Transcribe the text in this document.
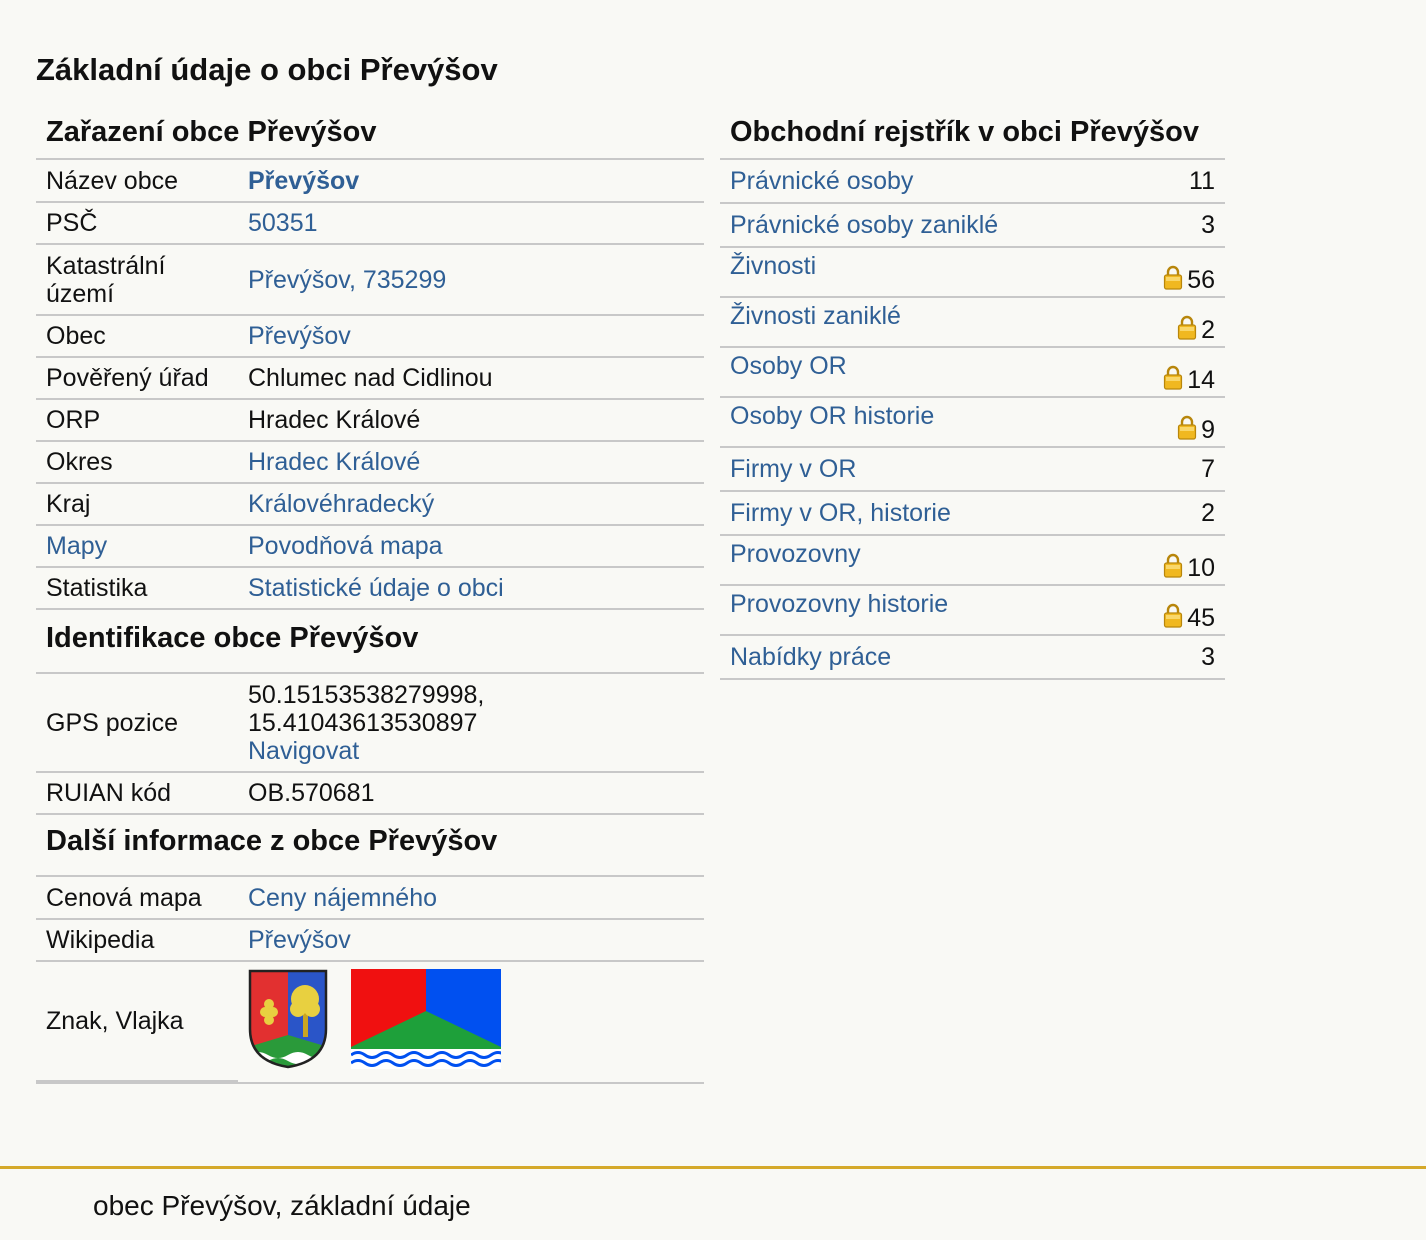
Základní údaje o obci Převýšov
Zařazení obce Převýšov
Název obce	Převýšov
PSČ	50351
Katastrální území	Převýšov, 735299
Obec	Převýšov
Pověřený úřad	Chlumec nad Cidlinou
ORP	Hradec Králové
Okres	Hradec Králové
Kraj	Královéhradecký
Mapy	Povodňová mapa
Statistika	Statistické údaje o obci
Identifikace obce Převýšov
GPS pozice	50.15153538279998,
15.41043613530897
Navigovat
RUIAN kód	OB.570681
Další informace z obce Převýšov
Cenová mapa	Ceny nájemného
Wikipedia	Převýšov
Znak, Vlajka	
Obchodní rejstřík v obci Převýšov
Právnické osoby	11
Právnické osoby zaniklé	3
Živnosti	56
Živnosti zaniklé	2
Osoby OR	14
Osoby OR historie	9
Firmy v OR	7
Firmy v OR, historie	2
Provozovny	10
Provozovny historie	45
Nabídky práce	3
obec Převýšov, základní údaje
